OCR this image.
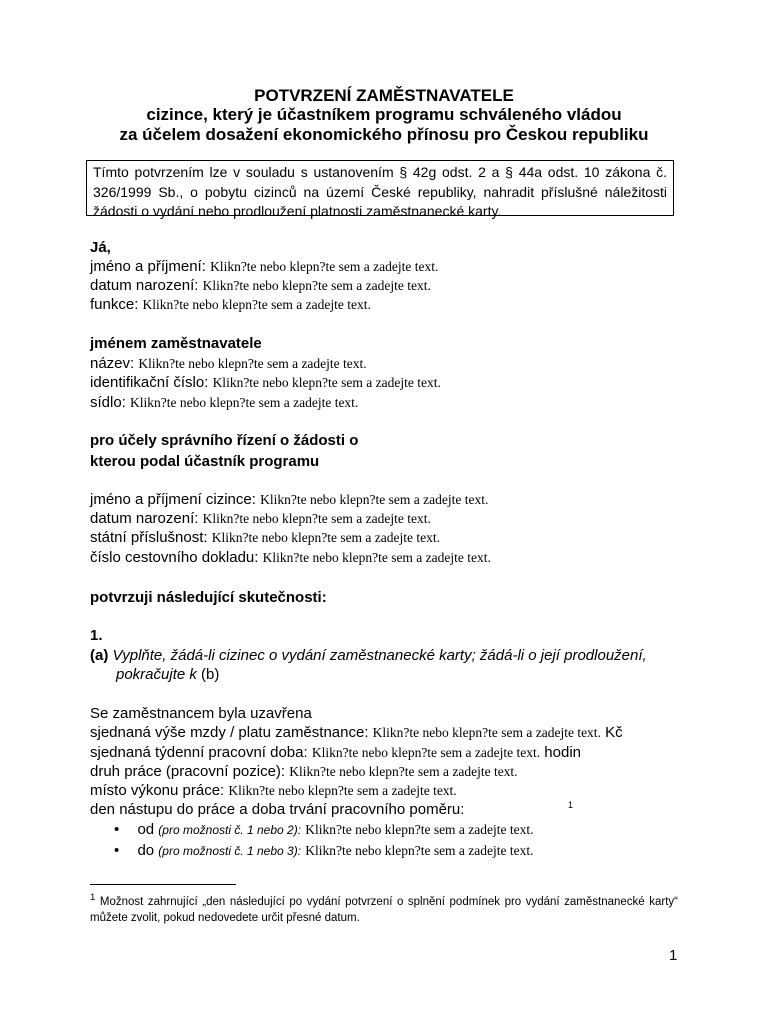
POTVRZENÍ ZAMĚSTNAVATELE
cizince, který je účastníkem programu schváleného vládou
za účelem dosažení ekonomického přínosu pro Českou republiku
Tímto potvrzením lze v souladu s ustanovením § 42g odst. 2 a § 44a odst. 10 zákona č. 326/1999 Sb., o pobytu cizinců na území České republiky, nahradit příslušné náležitosti žádosti o vydání nebo prodloužení platnosti zaměstnanecké karty.
Já,
jméno a příjmení: Klikn?te nebo klepn?te sem a zadejte text.
datum narození: Klikn?te nebo klepn?te sem a zadejte text.
funkce: Klikn?te nebo klepn?te sem a zadejte text.
jménem zaměstnavatele
název: Klikn?te nebo klepn?te sem a zadejte text.
identifikační číslo: Klikn?te nebo klepn?te sem a zadejte text.
sídlo: Klikn?te nebo klepn?te sem a zadejte text.
pro účely správního řízení o žádosti o
kterou podal účastník programu
jméno a příjmení cizince: Klikn?te nebo klepn?te sem a zadejte text.
datum narození: Klikn?te nebo klepn?te sem a zadejte text.
státní příslušnost: Klikn?te nebo klepn?te sem a zadejte text.
číslo cestovního dokladu: Klikn?te nebo klepn?te sem a zadejte text.
potvrzuji následující skutečnosti:
1.
(a) Vyplňte, žádá-li cizinec o vydání zaměstnanecké karty; žádá-li o její prodloužení,
pokračujte k (b)
Se zaměstnancem byla uzavřena
sjednaná výše mzdy / platu zaměstnance: Klikn?te nebo klepn?te sem a zadejte text. Kč
sjednaná týdenní pracovní doba: Klikn?te nebo klepn?te sem a zadejte text. hodin
druh práce (pracovní pozice): Klikn?te nebo klepn?te sem a zadejte text.
místo výkonu práce: Klikn?te nebo klepn?te sem a zadejte text.
den nástupu do práce a doba trvání pracovního poměru:	1
• od (pro možnosti č. 1 nebo 2): Klikn?te nebo klepn?te sem a zadejte text.
• do (pro možnosti č. 1 nebo 3): Klikn?te nebo klepn?te sem a zadejte text.
$^1$ Možnost zahrnující „den následující po vydání potvrzení o splnění podmínek pro vydání zaměstnanecké karty“ můžete zvolit, pokud nedovedete určit přesné datum.
1
